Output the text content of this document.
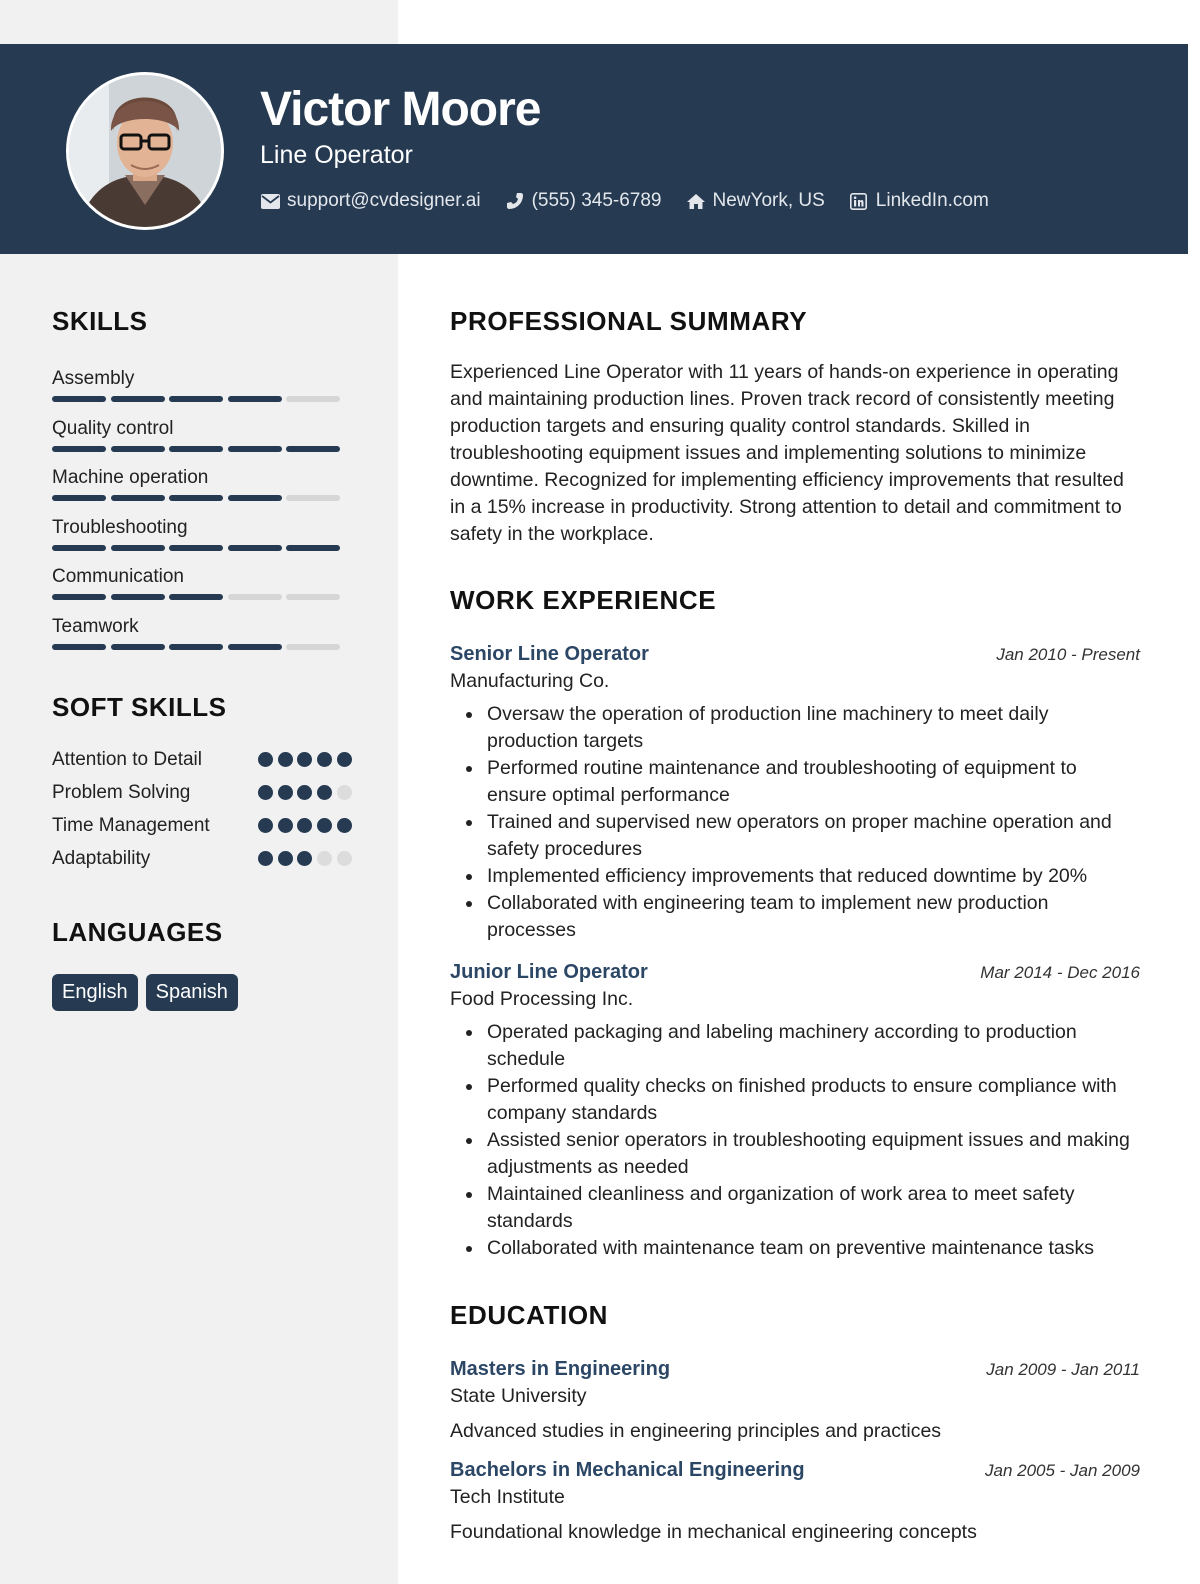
Victor Moore
Line Operator
support@cvdesigner.ai	(555) 345-6789	NewYork, US	LinkedIn.com
SKILLS
Assembly
Quality control
Machine operation
Troubleshooting
Communication
Teamwork
SOFT SKILLS
Attention to Detail
Problem Solving
Time Management
Adaptability
LANGUAGES
English	Spanish
PROFESSIONAL SUMMARY
Experienced Line Operator with 11 years of hands-on experience in operating and maintaining production lines. Proven track record of consistently meeting production targets and ensuring quality control standards. Skilled in troubleshooting equipment issues and implementing solutions to minimize downtime. Recognized for implementing efficiency improvements that resulted in a 15% increase in productivity. Strong attention to detail and commitment to safety in the workplace.
WORK EXPERIENCE
Senior Line Operator	Jan 2010 - Present
Manufacturing Co.
Oversaw the operation of production line machinery to meet daily production targets
Performed routine maintenance and troubleshooting of equipment to ensure optimal performance
Trained and supervised new operators on proper machine operation and safety procedures
Implemented efficiency improvements that reduced downtime by 20%
Collaborated with engineering team to implement new production processes
Junior Line Operator	Mar 2014 - Dec 2016
Food Processing Inc.
Operated packaging and labeling machinery according to production schedule
Performed quality checks on finished products to ensure compliance with company standards
Assisted senior operators in troubleshooting equipment issues and making adjustments as needed
Maintained cleanliness and organization of work area to meet safety standards
Collaborated with maintenance team on preventive maintenance tasks
EDUCATION
Masters in Engineering	Jan 2009 - Jan 2011
State University
Advanced studies in engineering principles and practices
Bachelors in Mechanical Engineering	Jan 2005 - Jan 2009
Tech Institute
Foundational knowledge in mechanical engineering concepts
